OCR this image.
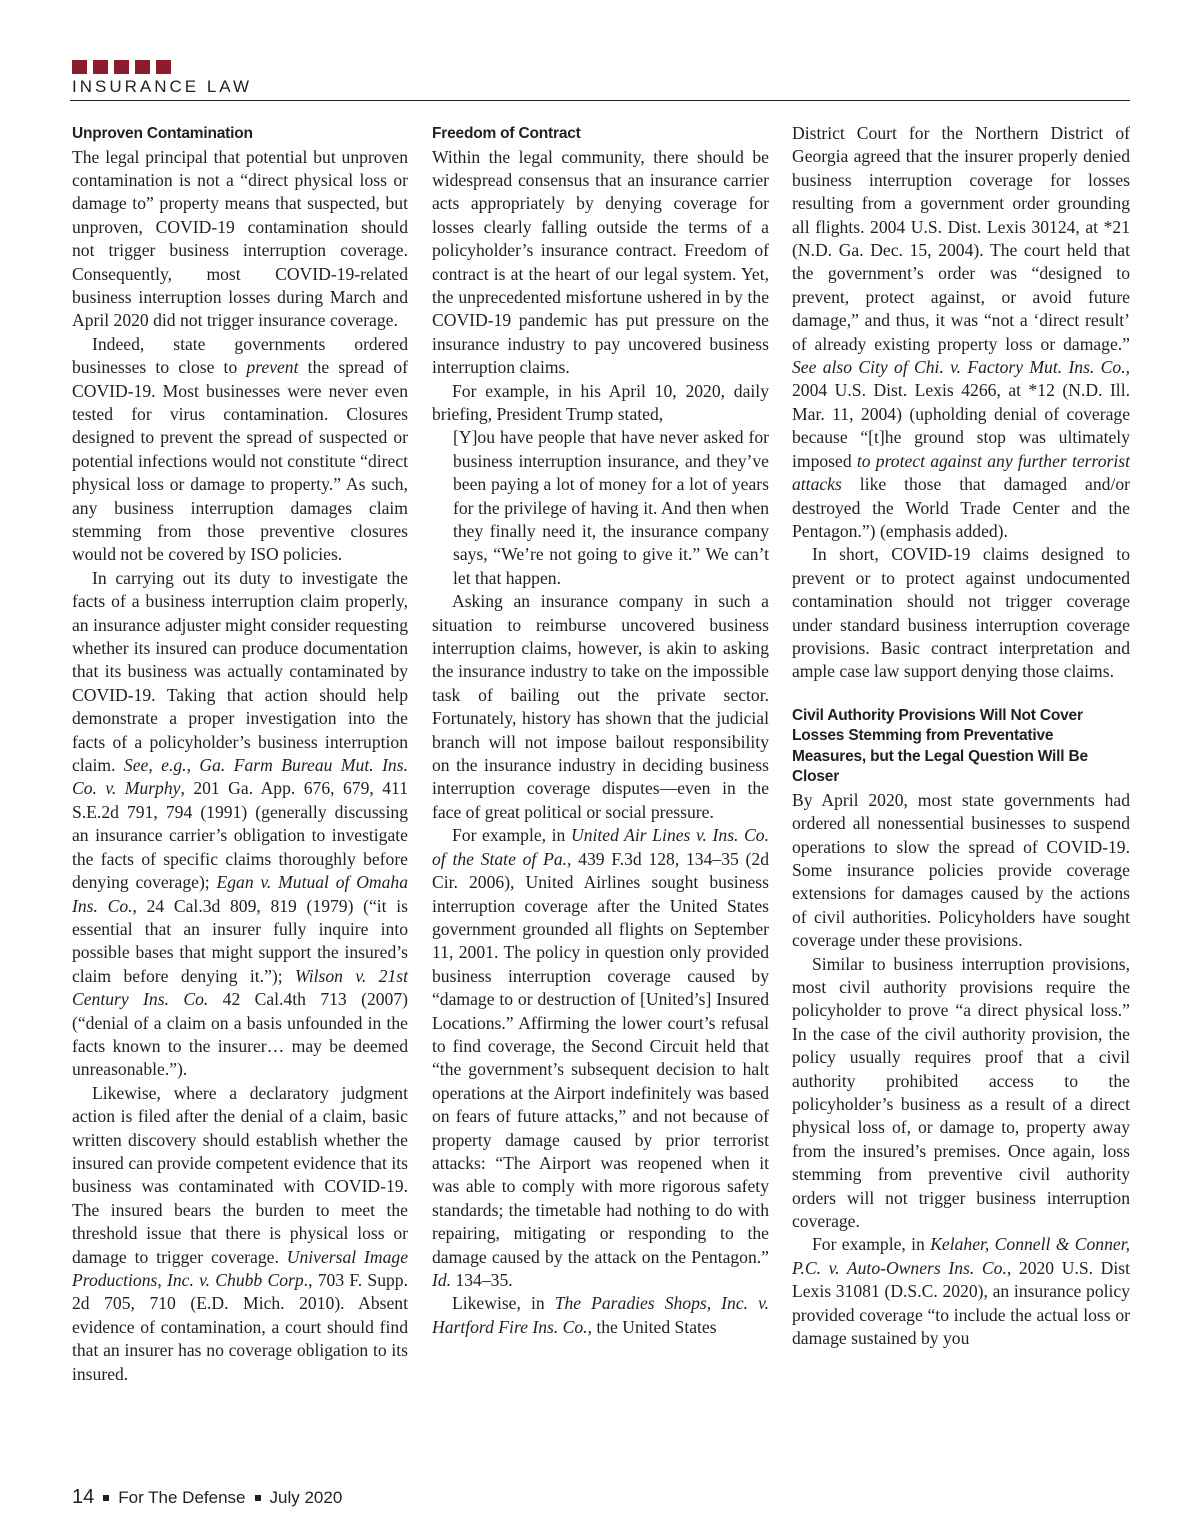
INSURANCE LAW
Unproven Contamination

The legal principal that potential but unproven contamination is not a “direct physical loss or damage to” property means that suspected, but unproven, COVID-19 contamination should not trigger business interruption coverage. Consequently, most COVID-19-related business interruption losses during March and April 2020 did not trigger insurance coverage.

Indeed, state governments ordered businesses to close to prevent the spread of COVID-19. Most businesses were never even tested for virus contamination. Closures designed to prevent the spread of suspected or potential infections would not constitute “direct physical loss or damage to property.” As such, any business interruption damages claim stemming from those preventive closures would not be covered by ISO policies.

In carrying out its duty to investigate the facts of a business interruption claim properly, an insurance adjuster might consider requesting whether its insured can produce documentation that its business was actually contaminated by COVID-19. Taking that action should help demonstrate a proper investigation into the facts of a policyholder’s business interruption claim. See, e.g., Ga. Farm Bureau Mut. Ins. Co. v. Murphy, 201 Ga. App. 676, 679, 411 S.E.2d 791, 794 (1991) (generally discussing an insurance carrier’s obligation to investigate the facts of specific claims thoroughly before denying coverage); Egan v. Mutual of Omaha Ins. Co., 24 Cal.3d 809, 819 (1979) (“it is essential that an insurer fully inquire into possible bases that might support the insured’s claim before denying it.”); Wilson v. 21st Century Ins. Co. 42 Cal.4th 713 (2007) (“denial of a claim on a basis unfounded in the facts known to the insurer… may be deemed unreasonable.”).

Likewise, where a declaratory judgment action is filed after the denial of a claim, basic written discovery should establish whether the insured can provide competent evidence that its business was contaminated with COVID-19. The insured bears the burden to meet the threshold issue that there is physical loss or damage to trigger coverage. Universal Image Productions, Inc. v. Chubb Corp., 703 F. Supp. 2d 705, 710 (E.D. Mich. 2010). Absent evidence of contamination, a court should find that an insurer has no coverage obligation to its insured.

Freedom of Contract

Within the legal community, there should be widespread consensus that an insurance carrier acts appropriately by denying coverage for losses clearly falling outside the terms of a policyholder’s insurance contract. Freedom of contract is at the heart of our legal system. Yet, the unprecedented misfortune ushered in by the COVID-19 pandemic has put pressure on the insurance industry to pay uncovered business interruption claims.

For example, in his April 10, 2020, daily briefing, President Trump stated,

[Y]ou have people that have never asked for business interruption insurance, and they’ve been paying a lot of money for a lot of years for the privilege of having it. And then when they finally need it, the insurance company says, “We’re not going to give it.” We can’t let that happen.

Asking an insurance company in such a situation to reimburse uncovered business interruption claims, however, is akin to asking the insurance industry to take on the impossible task of bailing out the private sector. Fortunately, history has shown that the judicial branch will not impose bailout responsibility on the insurance industry in deciding business interruption coverage disputes—even in the face of great political or social pressure.

For example, in United Air Lines v. Ins. Co. of the State of Pa., 439 F.3d 128, 134–35 (2d Cir. 2006), United Airlines sought business interruption coverage after the United States government grounded all flights on September 11, 2001. The policy in question only provided business interruption coverage caused by “damage to or destruction of [United’s] Insured Locations.” Affirming the lower court’s refusal to find coverage, the Second Circuit held that “the government’s subsequent decision to halt operations at the Airport indefinitely was based on fears of future attacks,” and not because of property damage caused by prior terrorist attacks: “The Airport was reopened when it was able to comply with more rigorous safety standards; the timetable had nothing to do with repairing, mitigating or responding to the damage caused by the attack on the Pentagon.” Id. 134–35.

Likewise, in The Paradies Shops, Inc. v. Hartford Fire Ins. Co., the United States

District Court for the Northern District of Georgia agreed that the insurer properly denied business interruption coverage for losses resulting from a government order grounding all flights. 2004 U.S. Dist. Lexis 30124, at *21 (N.D. Ga. Dec. 15, 2004). The court held that the government’s order was “designed to prevent, protect against, or avoid future damage,” and thus, it was “not a ‘direct result’ of already existing property loss or damage.” See also City of Chi. v. Factory Mut. Ins. Co., 2004 U.S. Dist. Lexis 4266, at *12 (N.D. Ill. Mar. 11, 2004) (upholding denial of coverage because “[t]he ground stop was ultimately imposed to protect against any further terrorist attacks like those that damaged and/or destroyed the World Trade Center and the Pentagon.”) (emphasis added).

In short, COVID-19 claims designed to prevent or to protect against undocumented contamination should not trigger coverage under standard business interruption coverage provisions. Basic contract interpretation and ample case law support denying those claims.

Civil Authority Provisions Will Not Cover Losses Stemming from Preventative Measures, but the Legal Question Will Be Closer

By April 2020, most state governments had ordered all nonessential businesses to suspend operations to slow the spread of COVID-19. Some insurance policies provide coverage extensions for damages caused by the actions of civil authorities. Policyholders have sought coverage under these provisions.

Similar to business interruption provisions, most civil authority provisions require the policyholder to prove “a direct physical loss.” In the case of the civil authority provision, the policy usually requires proof that a civil authority prohibited access to the policyholder’s business as a result of a direct physical loss of, or damage to, property away from the insured’s premises. Once again, loss stemming from preventive civil authority orders will not trigger business interruption coverage.

For example, in Kelaher, Connell & Conner, P.C. v. Auto-Owners Ins. Co., 2020 U.S. Dist Lexis 31081 (D.S.C. 2020), an insurance policy provided coverage “to include the actual loss or damage sustained by you

14 For The Defense July 2020
